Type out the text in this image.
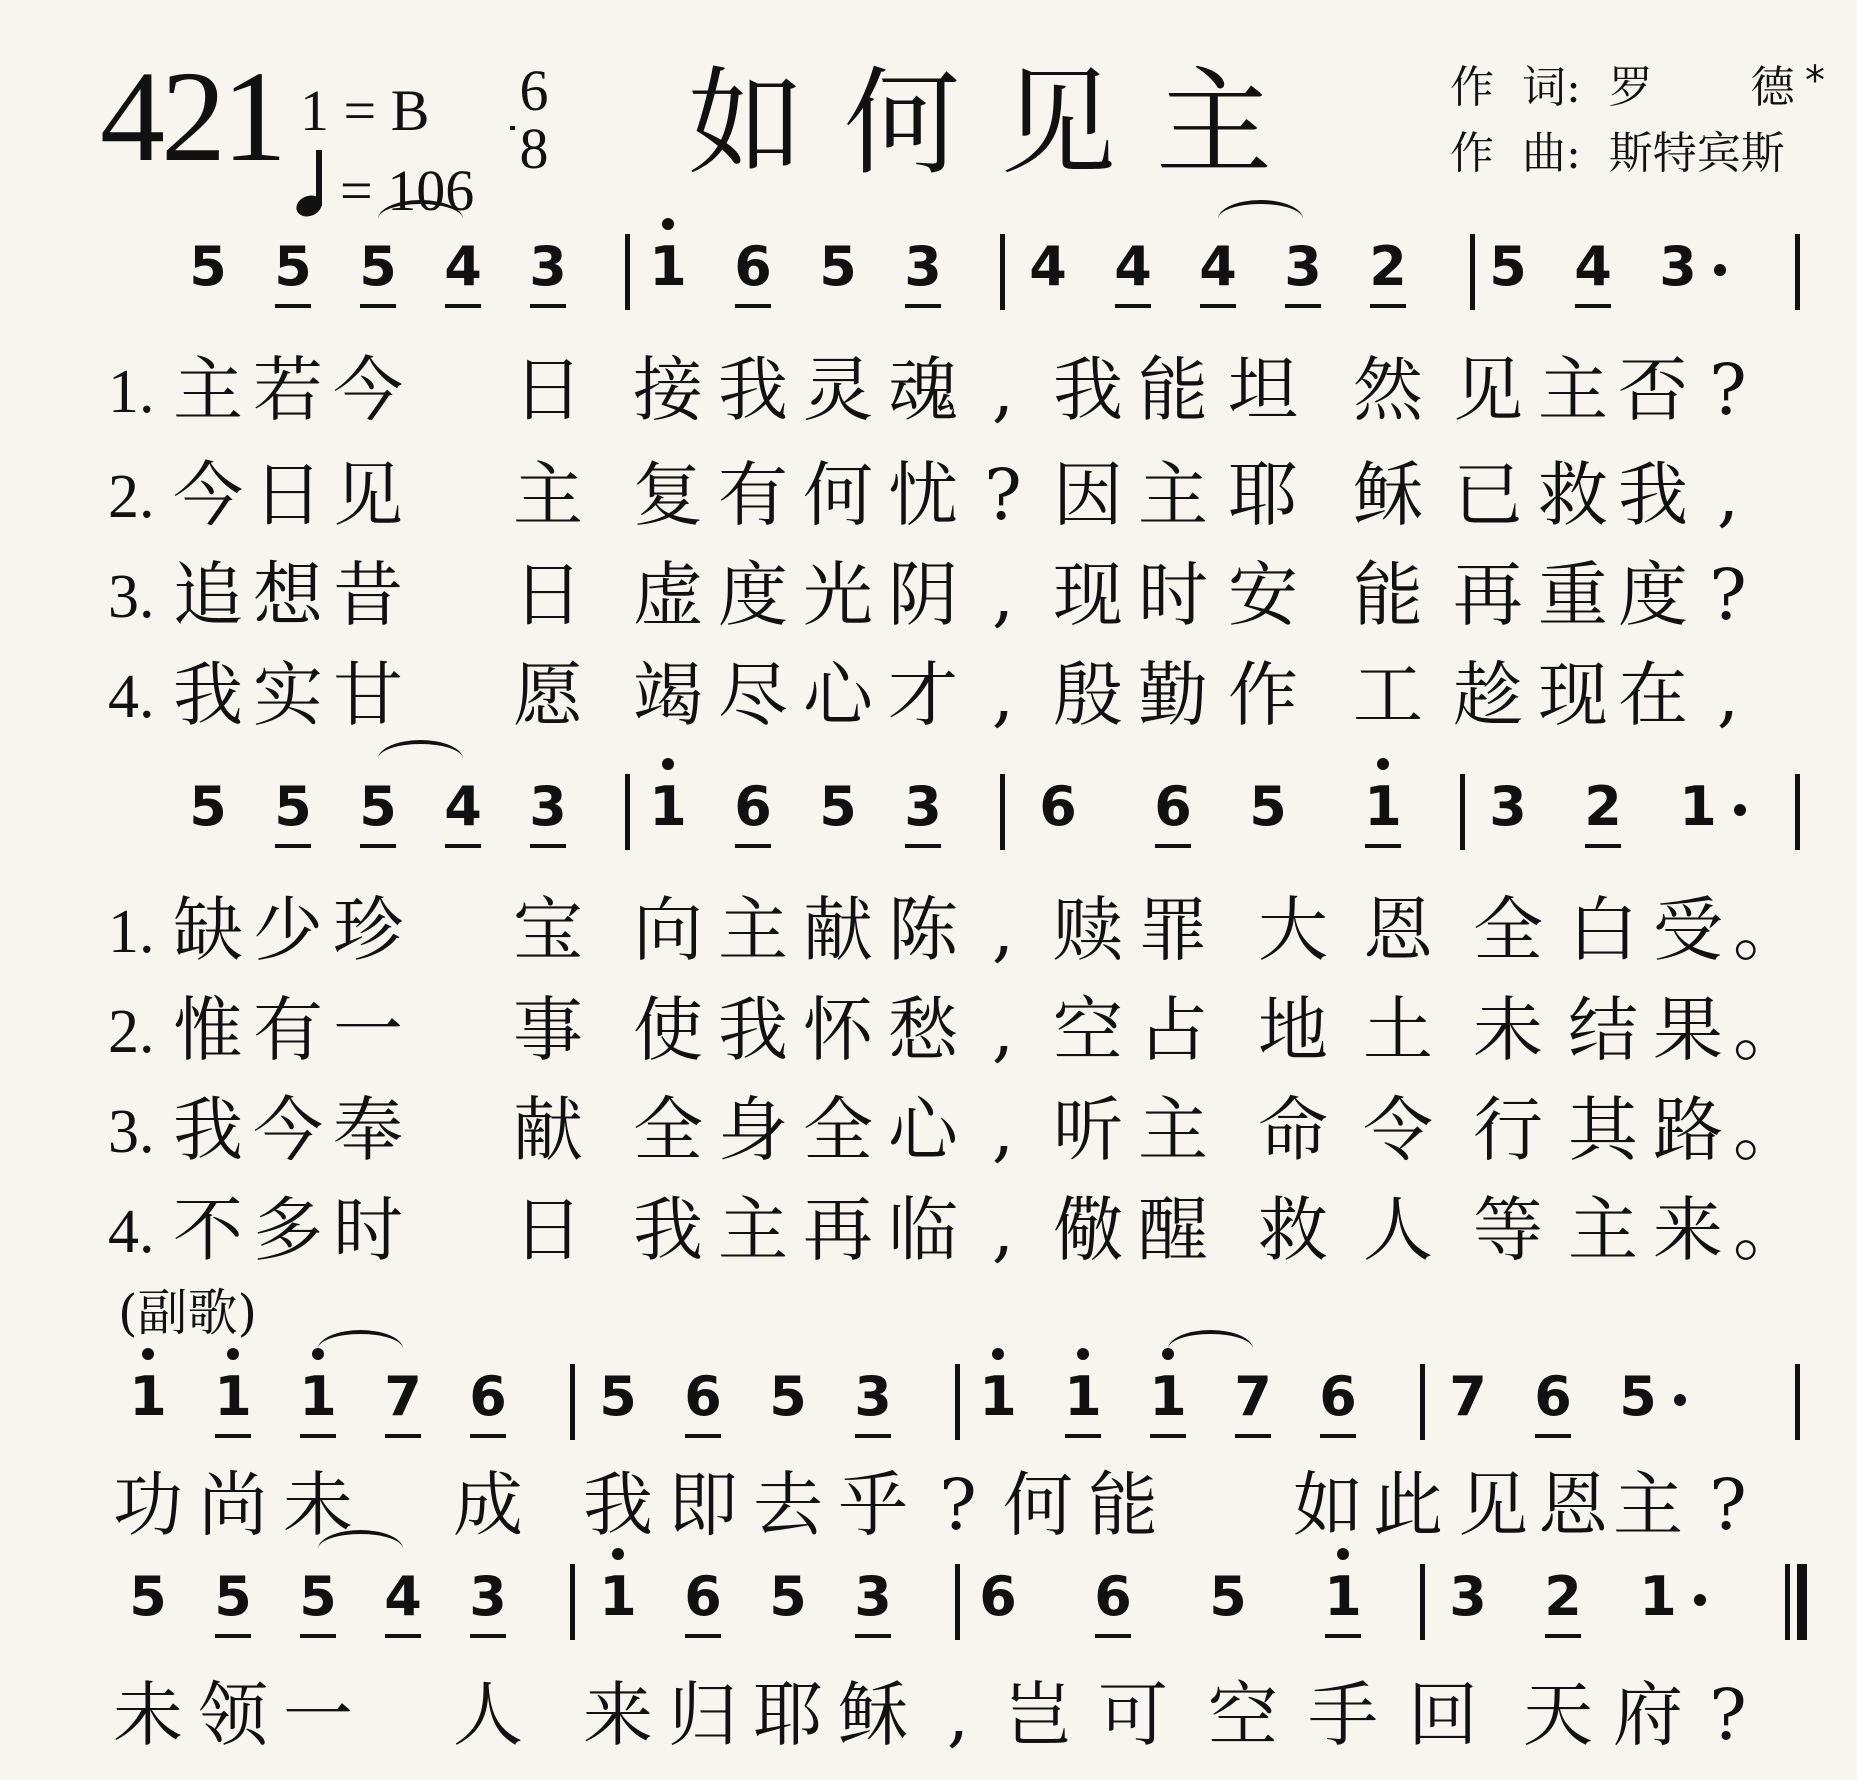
421 1 = B
= 106
6
8 如何见主	作  词:  罗       德 *
作  曲:  斯特宾斯
(副歌)
5 5 5 4 3 1 6 5 3 4 4 4 3 2 5 4 3
5 5 5 4 3 1 6 5 3 6 6 5 1 3 2 1
1 1 1 7 6 5 6 5 3 1 1 1 7 6 7 6 5
5 5 5 4 3 1 6 5 3 6 6 5 1 3 2 1
1. 主 若 今 日 接 我 灵 魂 , 我 能 坦 然 见 主 否 ?
2. 今 日 见 主 复 有 何 忧 ? 因 主 耶 稣 已 救 我 ,
3. 追 想 昔 日 虚 度 光 阴 , 现 时 安 能 再 重 度 ?
4. 我 实 甘 愿 竭 尽 心 才 , 殷 勤 作 工 趁 现 在 ,
1. 缺 少 珍 宝 向 主 献 陈 , 赎 罪 大 恩 全 白 受 。
2. 惟 有 一 事 使 我 怀 愁 , 空 占 地 土 未 结 果 。
3. 我 今 奉 献 全 身 全 心 , 听 主 命 令 行 其 路 。
4. 不 多 时 日 我 主 再 临 , 儆 醒 救 人 等 主 来 。
功 尚 未 成 我 即 去 乎 ? 何 能 如 此 见 恩 主 ?
未 领 一 人 来 归 耶 稣 , 岂 可 空 手 回 天 府 ?
